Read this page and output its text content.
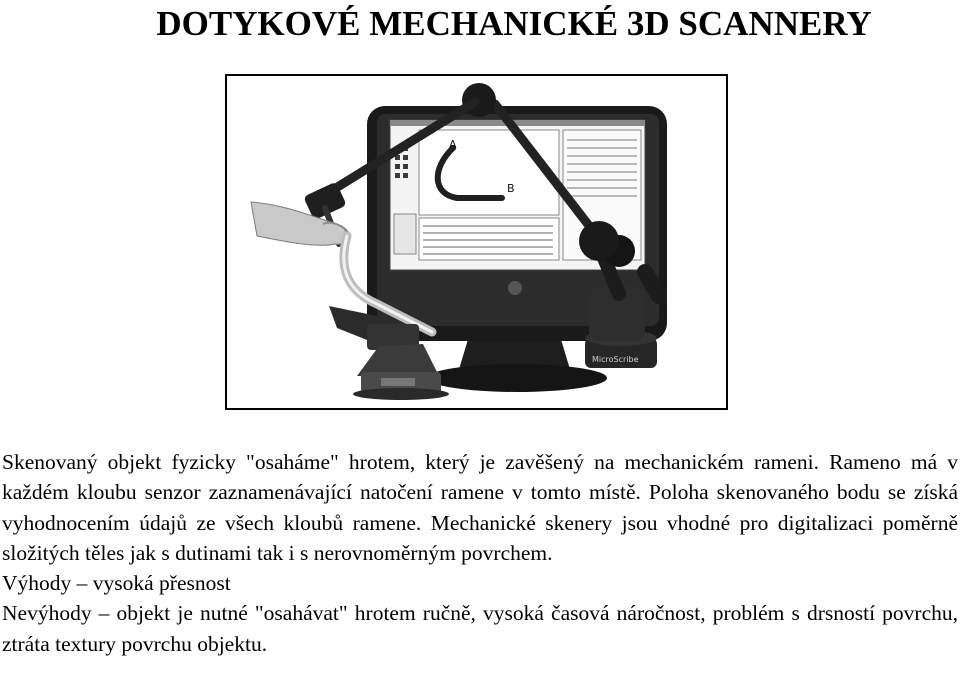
DOTYKOVÉ MECHANICKÉ 3D SCANNERY
A
B
MicroScribe

Skenovaný objekt fyzicky "osaháme" hrotem, který je zavěšený na mechanickém rameni. Rameno má v každém kloubu senzor zaznamenávající natočení ramene v tomto místě. Poloha skenovaného bodu se získá vyhodnocením údajů ze všech kloubů ramene. Mechanické skenery jsou vhodné pro digitalizaci poměrně složitých těles jak s dutinami tak i s nerovnoměrným povrchem.

Výhody – vysoká přesnost

Nevýhody – objekt je nutné "osahávat" hrotem ručně, vysoká časová náročnost, problém s drsností povrchu, ztráta textury povrchu objektu.
